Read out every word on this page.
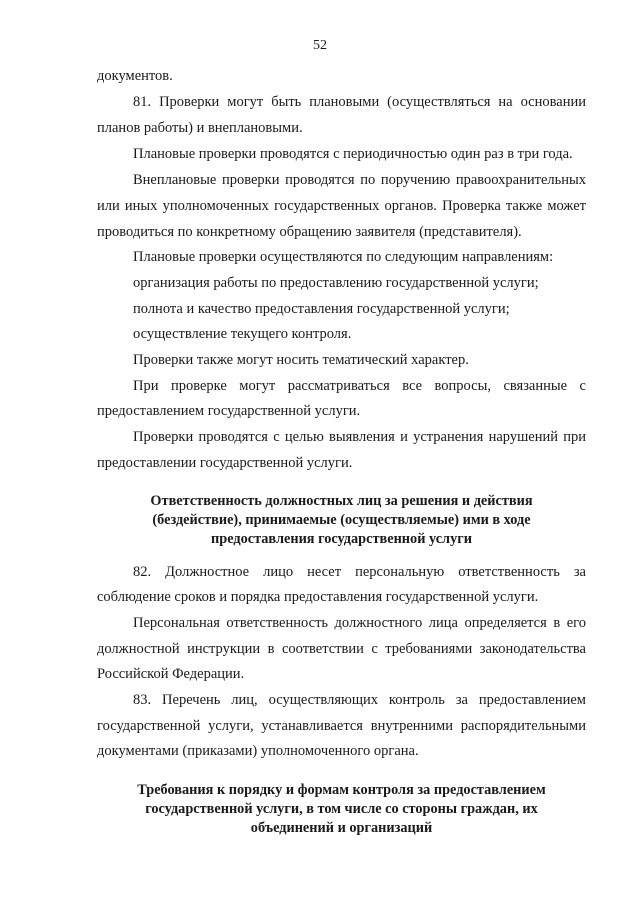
52
документов.
81. Проверки могут быть плановыми (осуществляться на основании
планов работы) и внеплановыми.
Плановые проверки проводятся с периодичностью один раз в три года.
Внеплановые проверки проводятся по поручению правоохранительных
или иных уполномоченных государственных органов. Проверка также может
проводиться по конкретному обращению заявителя (представителя).
Плановые проверки осуществляются по следующим направлениям:
организация работы по предоставлению государственной услуги;
полнота и качество предоставления государственной услуги;
осуществление текущего контроля.
Проверки также могут носить тематический характер.
При проверке могут рассматриваться все вопросы, связанные с
предоставлением государственной услуги.
Проверки проводятся с целью выявления и устранения нарушений при
предоставлении государственной услуги.
Ответственность должностных лиц за решения и действия
(бездействие), принимаемые (осуществляемые) ими в ходе
предоставления государственной услуги
82. Должностное лицо несет персональную ответственность за
соблюдение сроков и порядка предоставления государственной услуги.
Персональная ответственность должностного лица определяется в его
должностной инструкции в соответствии с требованиями законодательства
Российской Федерации.
83. Перечень лиц, осуществляющих контроль за предоставлением
государственной услуги, устанавливается внутренними распорядительными
документами (приказами) уполномоченного органа.
Требования к порядку и формам контроля за предоставлением
государственной услуги, в том числе со стороны граждан, их
объединений и организаций
